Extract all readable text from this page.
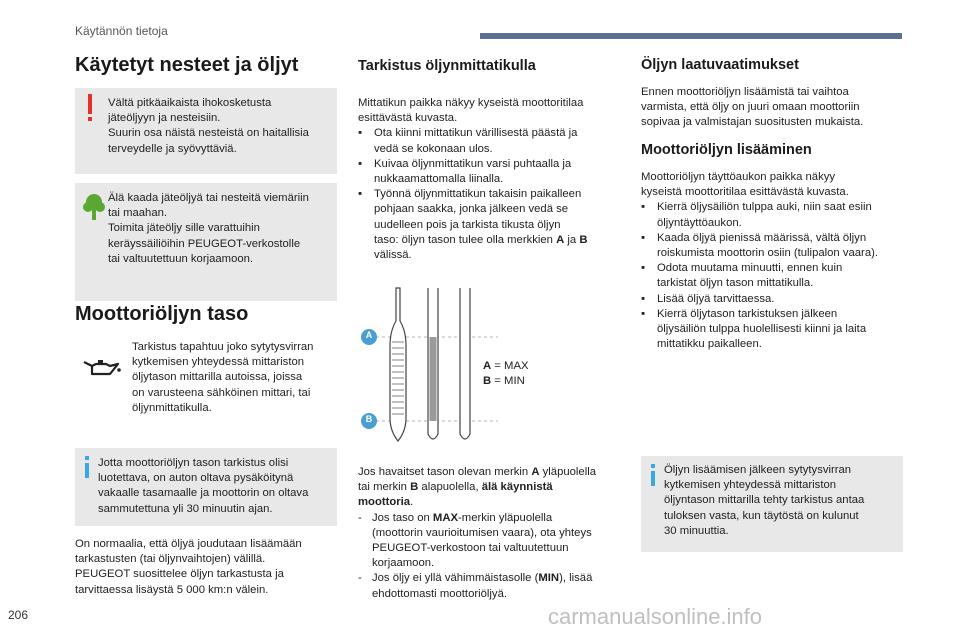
Käytännön tietoja
Käytetyt nesteet ja öljyt

Vältä pitkäaikaista ihokosketusta

jäteöljyyn ja nesteisiin.

Suurin osa näistä nesteistä on haitallisia

terveydelle ja syövyttäviä.

Älä kaada jäteöljyä tai nesteitä viemäriin

tai maahan.

Toimita jäteöljy sille varattuihin

keräyssäiliöihin PEUGEOT-verkostolle

tai valtuutettuun korjaamoon.

Moottoriöljyn taso

Tarkistus tapahtuu joko sytytysvirran

kytkemisen yhteydessä mittariston

öljytason mittarilla autoissa, joissa

on varusteena sähköinen mittari, tai

öljynmittatikulla.

Jotta moottoriöljyn tason tarkistus olisi

luotettava, on auton oltava pysäköitynä

vakaalle tasamaalle ja moottorin on oltava

sammutettuna yli 30 minuutin ajan.

On normaalia, että öljyä joudutaan lisäämään

tarkastusten (tai öljynvaihtojen) välillä.

PEUGEOT suosittelee öljyn tarkastusta ja

tarvittaessa lisäystä 5 000 km:n välein.

Tarkistus öljynmittatikulla

Mittatikun paikka näkyy kyseistä moottoritilaa

esittävästä kuvasta.

▪	Ota kiinni mittatikun värillisestä päästä ja

vedä se kokonaan ulos.

▪	Kuivaa öljynmittatikun varsi puhtaalla ja

nukkaamattomalla liinalla.

▪	Työnnä öljynmittatikun takaisin paikalleen

pohjaan saakka, jonka jälkeen vedä se

uudelleen pois ja tarkista tikusta öljyn

taso: öljyn tason tulee olla merkkien A ja B

välissä.

A
B

A = MAX

B = MIN

Jos havaitset tason olevan merkin A yläpuolella

tai merkin B alapuolella, älä käynnistä

moottoria.

- Jos taso on MAX-merkin yläpuolella

(moottorin vaurioitumisen vaara), ota yhteys

PEUGEOT-verkostoon tai valtuutettuun

korjaamoon.

- Jos öljy ei yllä vähimmäistasolle (MIN), lisää

ehdottomasti moottoriöljyä.

Öljyn laatuvaatimukset

Ennen moottoriöljyn lisäämistä tai vaihtoa

varmista, että öljy on juuri omaan moottoriin

sopivaa ja valmistajan suositusten mukaista.

Moottoriöljyn lisääminen

Moottoriöljyn täyttöaukon paikka näkyy

kyseistä moottoritilaa esittävästä kuvasta.

▪	Kierrä öljysäiliön tulppa auki, niin saat esiin

öljyntäyttöaukon.

▪	Kaada öljyä pienissä määrissä, vältä öljyn

roiskumista moottorin osiin (tulipalon vaara).

▪	Odota muutama minuutti, ennen kuin

tarkistat öljyn tason mittatikulla.

▪	Lisää öljyä tarvittaessa.

▪	Kierrä öljytason tarkistuksen jälkeen

öljysäiliön tulppa huolellisesti kiinni ja laita

mittatikku paikalleen.

Öljyn lisäämisen jälkeen sytytysvirran

kytkemisen yhteydessä mittariston

öljyntason mittarilla tehty tarkistus antaa

tuloksen vasta, kun täytöstä on kulunut

30 minuuttia.

206	carmanualsonline.info
